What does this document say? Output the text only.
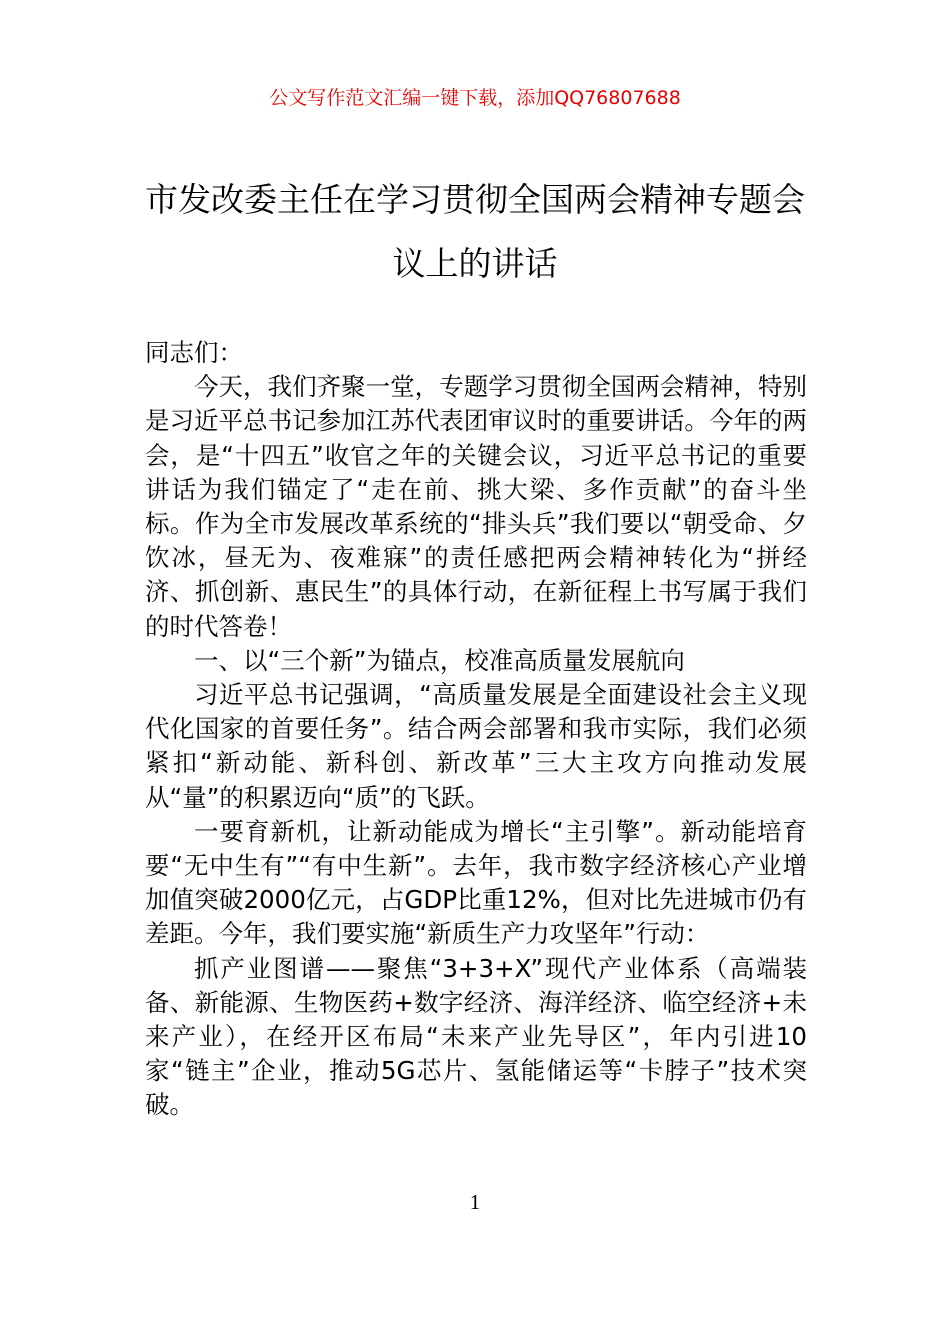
公文写作范文汇编一键下载，添加QQ76807688
市发改委主任在学习贯彻全国两会精神专题会议上的讲话

同志们：

今天，我们齐聚一堂，专题学习贯彻全国两会精神，特别是习近平总书记参加江苏代表团审议时的重要讲话。今年的两会，是“十四五”收官之年的关键会议，习近平总书记的重要讲话为我们锚定了“走在前、挑大梁、多作贡献”的奋斗坐标。作为全市发展改革系统的“排头兵”我们要以“朝受命、夕饮冰，昼无为、夜难寐”的责任感把两会精神转化为“拼经济、抓创新、惠民生”的具体行动，在新征程上书写属于我们的时代答卷！

一、以“三个新”为锚点，校准高质量发展航向

习近平总书记强调，“高质量发展是全面建设社会主义现代化国家的首要任务”。结合两会部署和我市实际，我们必须紧扣“新动能、新科创、新改革”三大主攻方向推动发展从“量”的积累迈向“质”的飞跃。

一要育新机，让新动能成为增长“主引擎”。新动能培育要“无中生有”“有中生新”。去年，我市数字经济核心产业增加值突破2000亿元，占GDP比重12%，但对比先进城市仍有差距。今年，我们要实施“新质生产力攻坚年”行动：

抓产业图谱——聚焦“3+3+X”现代产业体系（高端装备、新能源、生物医药+数字经济、海洋经济、临空经济+未来产业），在经开区布局“未来产业先导区”，年内引进10家“链主”企业，推动5G芯片、氢能储运等“卡脖子”技术突破。

1
